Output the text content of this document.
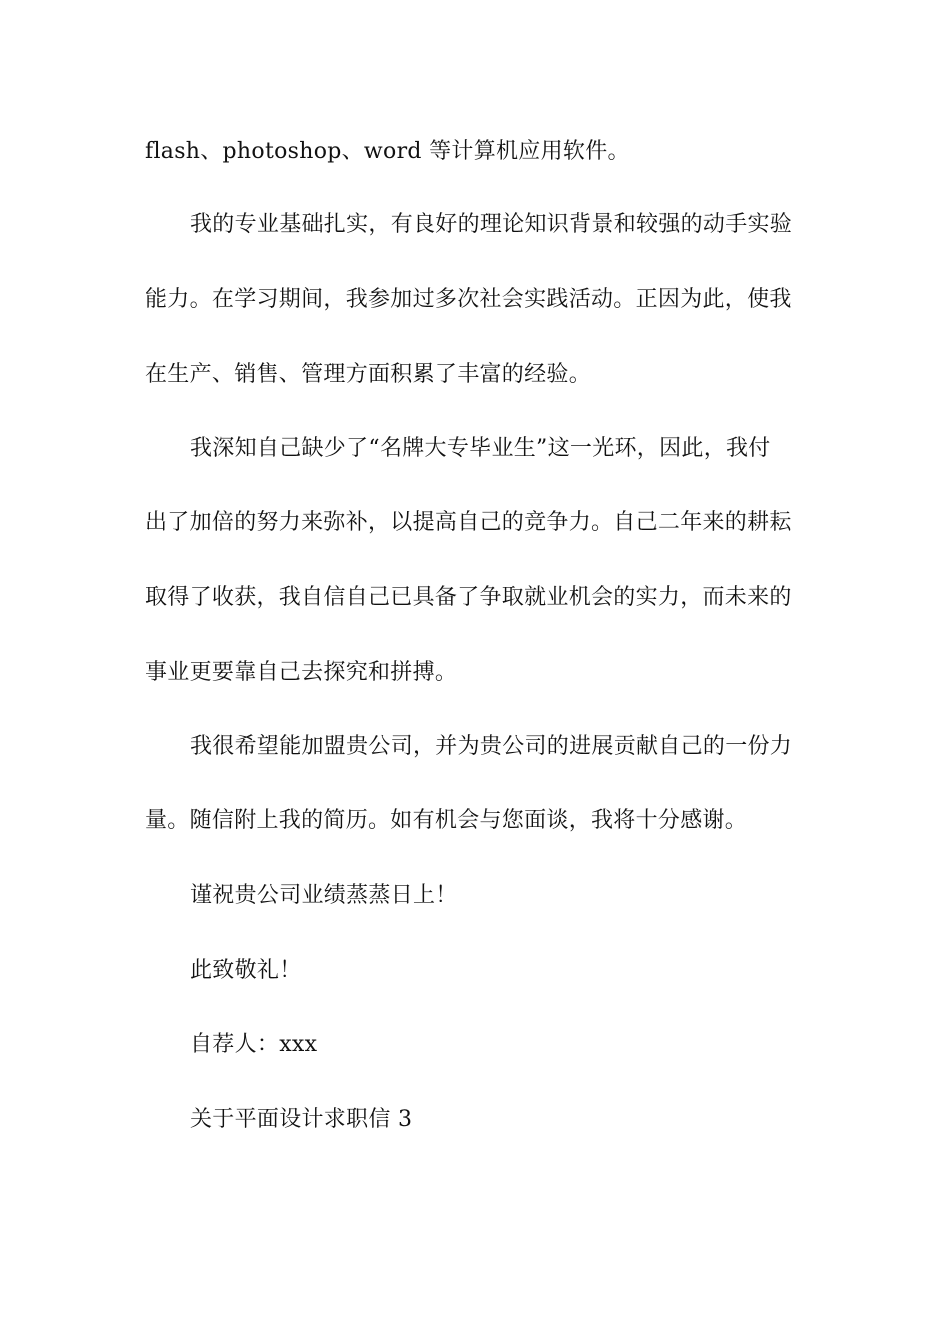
flash、photoshop、word 等计算机应用软件。
我的专业基础扎实，有良好的理论知识背景和较强的动手实验
能力。在学习期间，我参加过多次社会实践活动。正因为此，使我
在生产、销售、管理方面积累了丰富的经验。
我深知自己缺少了“名牌大专毕业生”这一光环，因此，我付
出了加倍的努力来弥补，以提高自己的竞争力。自己二年来的耕耘
取得了收获，我自信自己已具备了争取就业机会的实力，而未来的
事业更要靠自己去探究和拼搏。
我很希望能加盟贵公司，并为贵公司的进展贡献自己的一份力
量。随信附上我的简历。如有机会与您面谈，我将十分感谢。
谨祝贵公司业绩蒸蒸日上！
此致敬礼！
自荐人：xxx
关于平面设计求职信 3
